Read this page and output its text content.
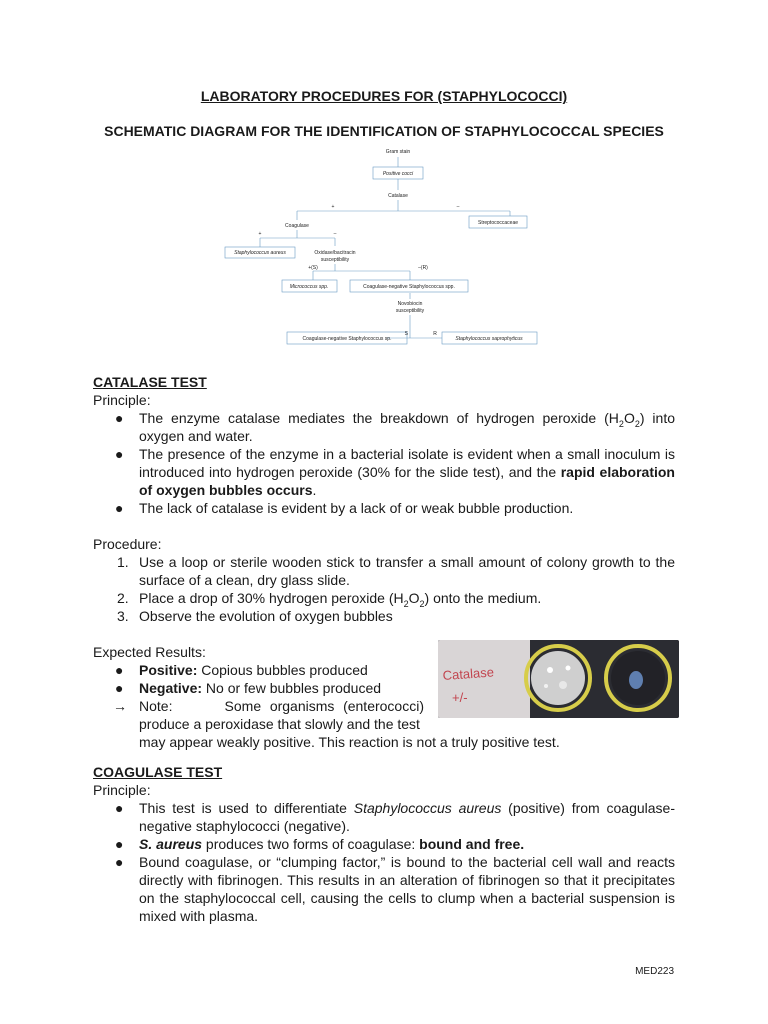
LABORATORY PROCEDURES FOR (STAPHYLOCOCCI)
SCHEMATIC DIAGRAM FOR THE IDENTIFICATION OF STAPHYLOCOCCAL SPECIES
Gram stain
Positive cocci
Catalase
+	–
Coagulase	Streptococcaceae
+	–
Staphylococcus aureus	Oxidase/bacitracin
susceptibility
+(S)	–(R)
Micrococcus spp.	Coagulase-negative Staphylococcus spp.
Novobiocin
susceptibility
S	R
Coagulase-negative Staphylococcus sp.	Staphylococcus saprophyticus
CATALASE TEST
Principle:
● The enzyme catalase mediates the breakdown of hydrogen peroxide $(H_2O_2)$ into oxygen and water.
● The presence of the enzyme in a bacterial isolate is evident when a small inoculum is introduced into hydrogen peroxide (30% for the slide test), and the rapid elaboration of oxygen bubbles occurs.
● The lack of catalase is evident by a lack of or weak bubble production.
Procedure:
1. Use a loop or sterile wooden stick to transfer a small amount of colony growth to the surface of a clean, dry glass slide.
2. Place a drop of 30% hydrogen peroxide $(H_2O_2)$ onto the medium.
3. Observe the evolution of oxygen bubbles
Expected Results:
● Positive: Copious bubbles produced
● Negative: No or few bubbles produced
→ Note:      Some organisms (enterococci) produce a peroxidase that slowly and the test
may appear weakly positive. This reaction is not a truly positive test.
Catalase
+/-
COAGULASE TEST
Principle:
● This test is used to differentiate Staphylococcus aureus (positive) from coagulase-negative staphylococci (negative).
● S. aureus produces two forms of coagulase: bound and free.
● Bound coagulase, or “clumping factor,” is bound to the bacterial cell wall and reacts directly with fibrinogen. This results in an alteration of fibrinogen so that it precipitates on the staphylococcal cell, causing the cells to clump when a bacterial suspension is mixed with plasma.
MED223
